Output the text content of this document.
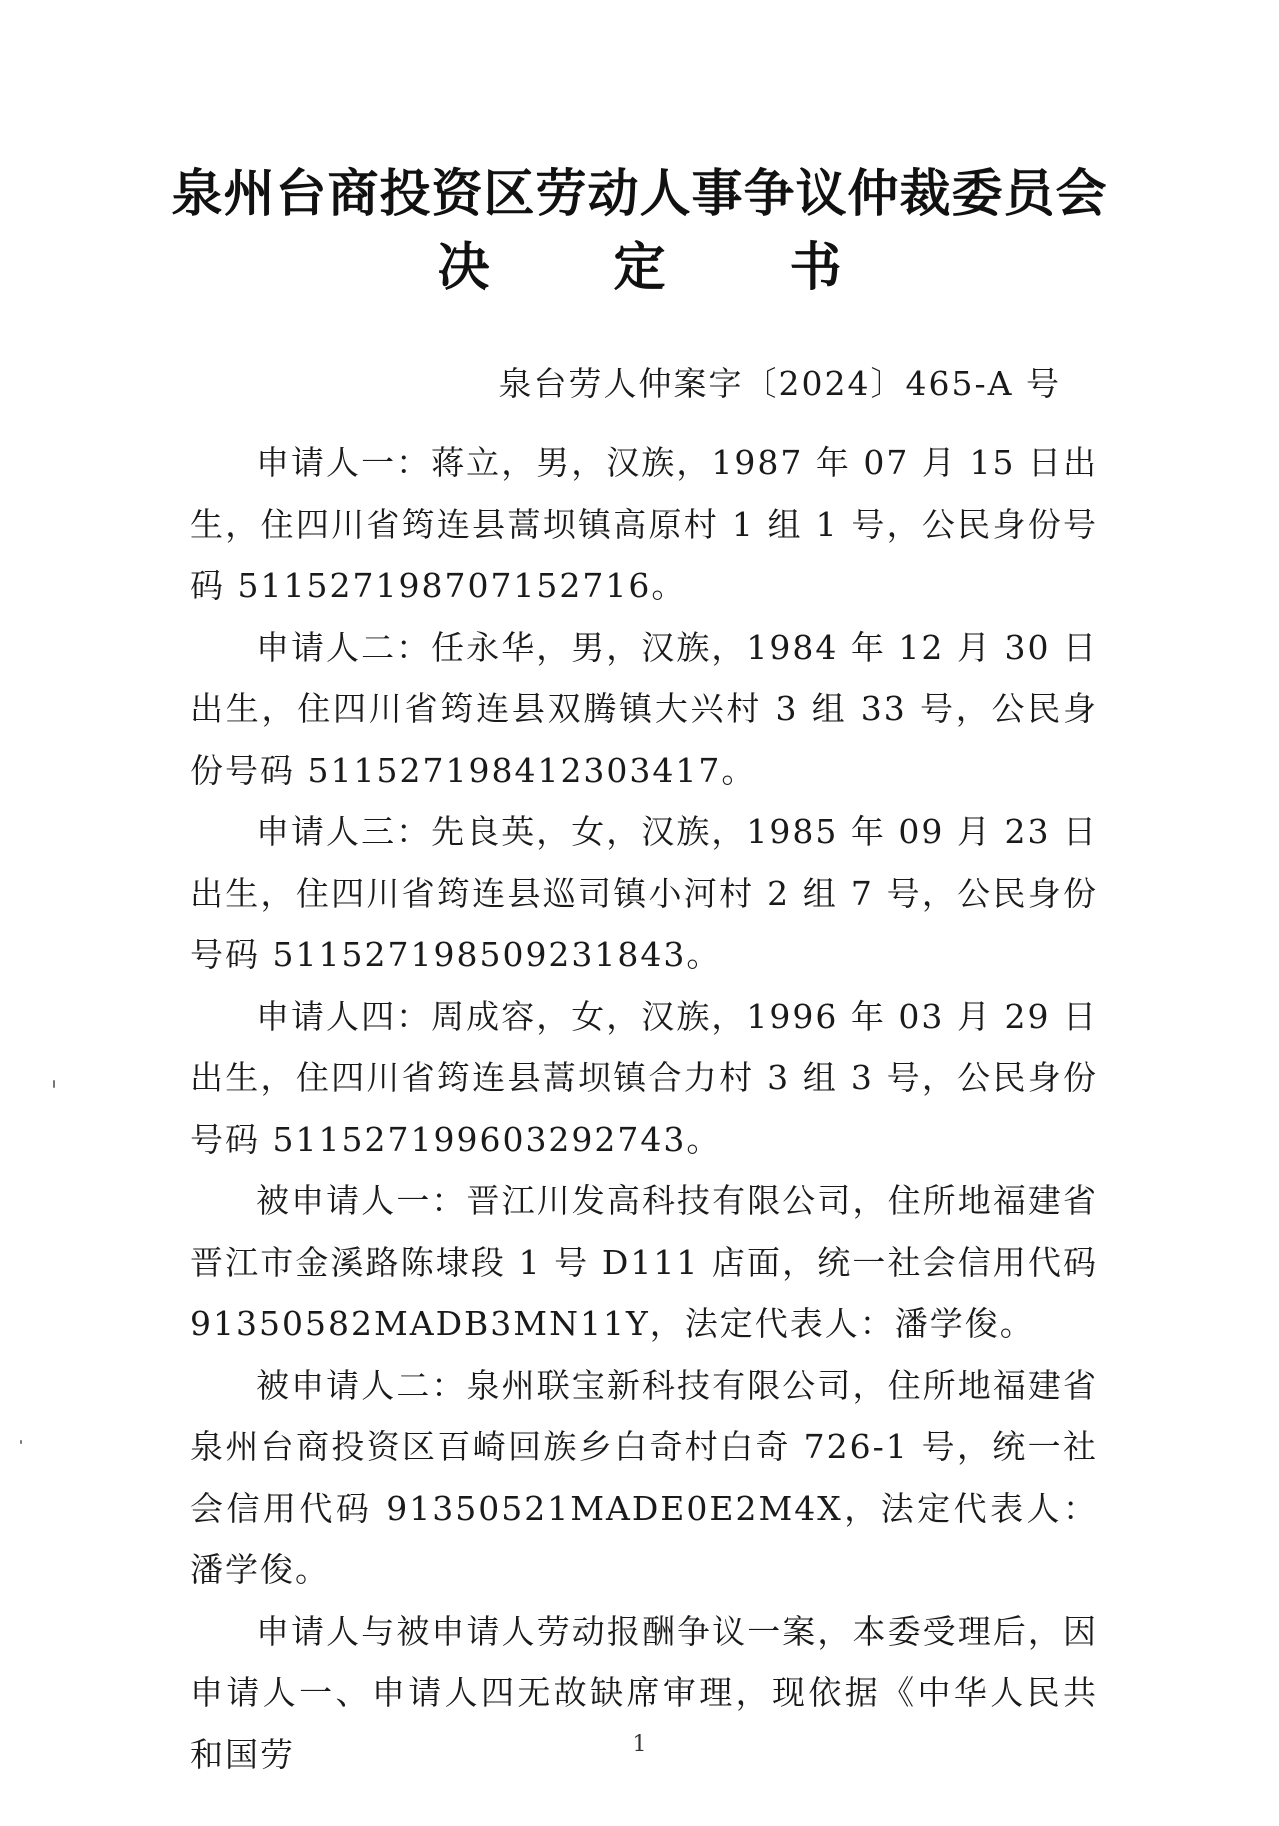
泉州台商投资区劳动人事争议仲裁委员会
决 定 书
泉台劳人仲案字〔2024〕465-A 号

申请人一：蒋立，男，汉族，1987 年 07 月 15 日出生，住四川省筠连县蒿坝镇高原村 1 组 1 号，公民身份号码 511527198707152716。

申请人二：任永华，男，汉族，1984 年 12 月 30 日出生，住四川省筠连县双腾镇大兴村 3 组 33 号，公民身份号码 511527198412303417。

申请人三：先良英，女，汉族，1985 年 09 月 23 日出生，住四川省筠连县巡司镇小河村 2 组 7 号，公民身份号码 511527198509231843。

申请人四：周成容，女，汉族，1996 年 03 月 29 日出生，住四川省筠连县蒿坝镇合力村 3 组 3 号，公民身份号码 511527199603292743。

被申请人一：晋江川发高科技有限公司，住所地福建省晋江市金溪路陈埭段 1 号 D111 店面，统一社会信用代码 91350582MADB3MN11Y，法定代表人：潘学俊。

被申请人二：泉州联宝新科技有限公司，住所地福建省泉州台商投资区百崎回族乡白奇村白奇 726-1 号，统一社会信用代码 91350521MADE0E2M4X，法定代表人：潘学俊。

申请人与被申请人劳动报酬争议一案，本委受理后，因申请人一、申请人四无故缺席审理，现依据《中华人民共和国劳	1
